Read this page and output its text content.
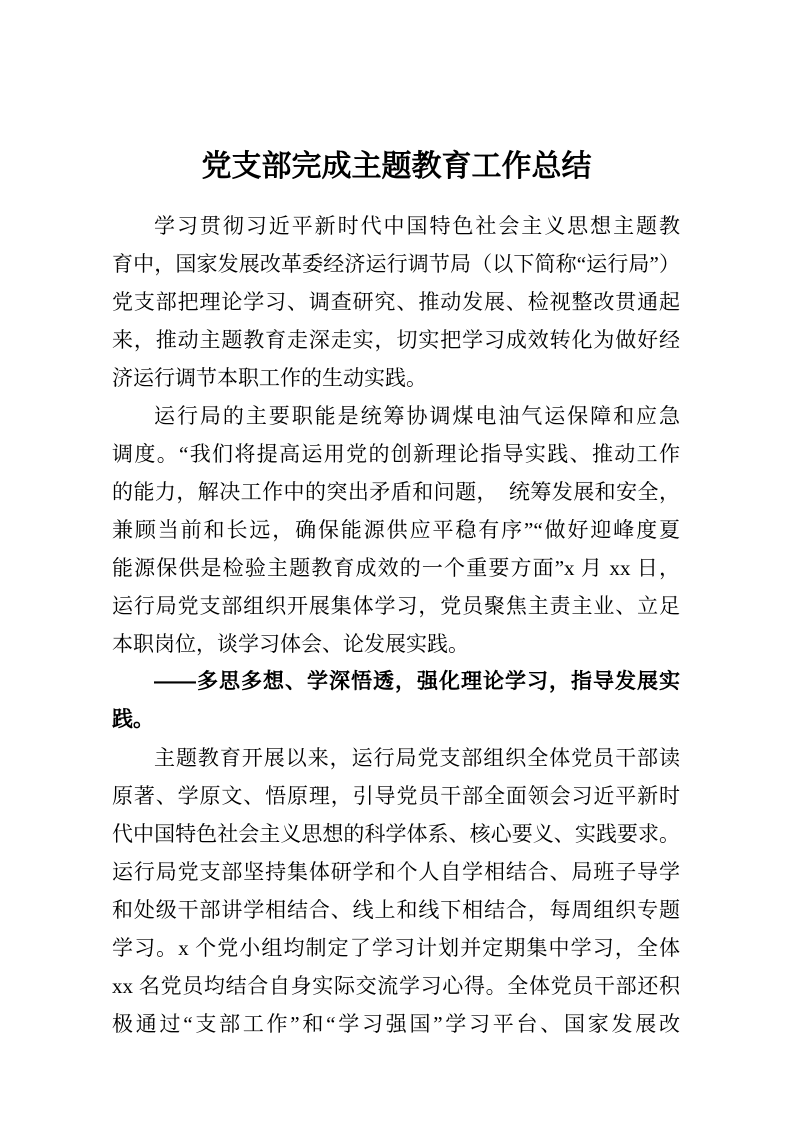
党支部完成主题教育工作总结
学习贯彻习近平新时代中国特色社会主义思想主题教
育中，国家发展改革委经济运行调节局（以下简称“运行局”）
党支部把理论学习、调查研究、推动发展、检视整改贯通起
来，推动主题教育走深走实，切实把学习成效转化为做好经
济运行调节本职工作的生动实践。
运行局的主要职能是统筹协调煤电油气运保障和应急
调度。“我们将提高运用党的创新理论指导实践、推动工作
的能力，解决工作中的突出矛盾和问题，　统筹发展和安全，
兼顾当前和长远，确保能源供应平稳有序”“做好迎峰度夏
能源保供是检验主题教育成效的一个重要方面”x 月 xx 日，
运行局党支部组织开展集体学习，党员聚焦主责主业、立足
本职岗位，谈学习体会、论发展实践。
——多思多想、学深悟透，强化理论学习，指导发展实
践。
主题教育开展以来，运行局党支部组织全体党员干部读
原著、学原文、悟原理，引导党员干部全面领会习近平新时
代中国特色社会主义思想的科学体系、核心要义、实践要求。
运行局党支部坚持集体研学和个人自学相结合、局班子导学
和处级干部讲学相结合、线上和线下相结合，每周组织专题
学习。x 个党小组均制定了学习计划并定期集中学习，全体
xx 名党员均结合自身实际交流学习心得。全体党员干部还积
极通过“支部工作”和“学习强国”学习平台、国家发展改
